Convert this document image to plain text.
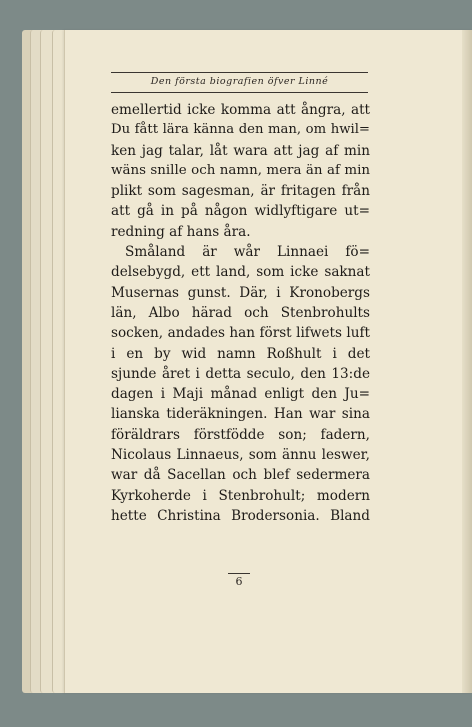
Den första biografien öfver Linné
emellertid icke komma att ångra, att
Du fått lära känna den man, om hwil=
ken jag talar, låt wara att jag af min
wäns snille och namn, mera än af min
plikt som sagesman, är fritagen från
att gå in på någon widlyftigare ut=
redning af hans åra.
Småland är wår Linnaei fö=
delsebygd, ett land, som icke saknat
Musernas gunst. Där, i Kronobergs
län, Albo härad och Stenbrohults
socken, andades han först lifwets luft
i en by wid namn Roßhult i det
sjunde året i detta seculo, den 13:de
dagen i Maji månad enligt den Ju=
lianska tideräkningen. Han war sina
föräldrars förstfödde son; fadern,
Nicolaus Linnaeus, som ännu leswer,
war då Sacellan och blef sedermera
Kyrkoherde i Stenbrohult; modern
hette Christina Brodersonia. Bland
6
